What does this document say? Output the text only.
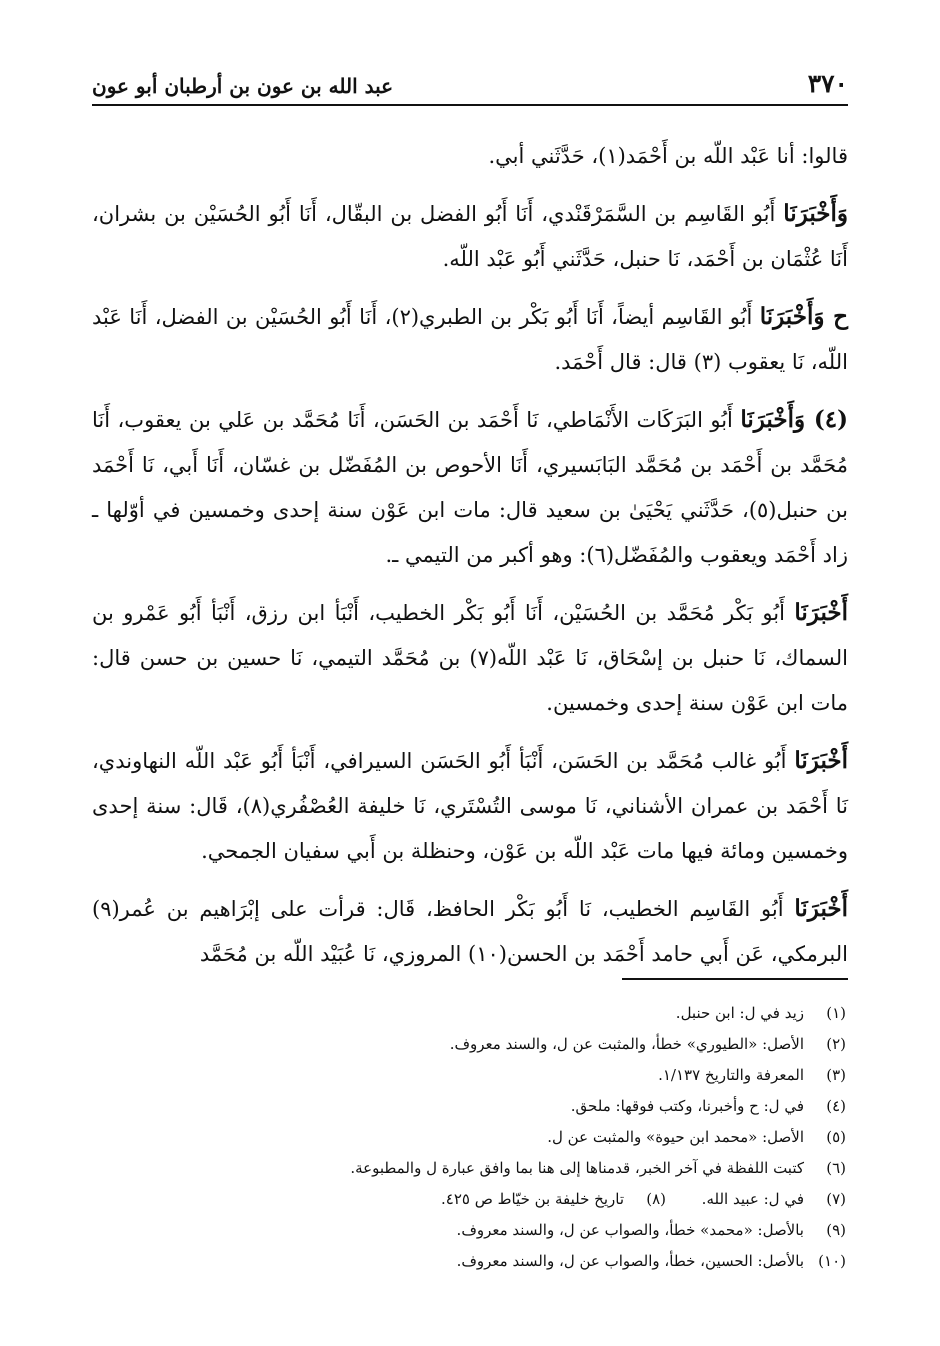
٣٧٠
عبد الله بن عون بن أرطبان أبو عون

قالوا: أنا عَبْد اللّه بن أَحْمَد(١)، حَدَّثَني أبي.

وَأَخْبَرَنَا أَبُو القَاسِم بن السَّمَرْقَنْدي، أَنَا أَبُو الفضل بن البقّال، أَنَا أَبُو الحُسَيْن بن بشران، أَنَا عُثْمَان بن أَحْمَد، نَا حنبل، حَدَّثَني أَبُو عَبْد اللّه.

ح وَأَخْبَرَنَا أَبُو القَاسِم أيضاً، أَنَا أَبُو بَكْر بن الطبري(٢)، أَنَا أَبُو الحُسَيْن بن الفضل، أَنَا عَبْد اللّه، نَا يعقوب (٣) قال: قال أَحْمَد.

(٤) وَأَخْبَرَنَا أَبُو البَرَكَات الأَنْمَاطي، نَا أَحْمَد بن الحَسَن، أَنَا مُحَمَّد بن عَلي بن يعقوب، أَنَا مُحَمَّد بن أَحْمَد بن مُحَمَّد البَابَسيري، أَنَا الأحوص بن المُفَضّل بن غسّان، أَنَا أَبي، نَا أَحْمَد بن حنبل(٥)، حَدَّثَني يَحْيَىٰ بن سعيد قال: مات ابن عَوْن سنة إحدى وخمسين في أوّلها ـ زاد أَحْمَد ويعقوب والمُفَضّل(٦): وهو أكبر من التيمي ـ.

أَخْبَرَنَا أَبُو بَكْر مُحَمَّد بن الحُسَيْن، أَنَا أَبُو بَكْر الخطيب، أَنْبَأ ابن رزق، أَنْبَأ أَبُو عَمْرو بن السماك، نَا حنبل بن إسْحَاق، نَا عَبْد اللّه(٧) بن مُحَمَّد التيمي، نَا حسين بن حسن قال: مات ابن عَوْن سنة إحدى وخمسين.

أَخْبَرَنَا أَبُو غالب مُحَمَّد بن الحَسَن، أَنْبَأ أَبُو الحَسَن السيرافي، أَنْبَأ أَبُو عَبْد اللّه النهاوندي، نَا أَحْمَد بن عمران الأشناني، نَا موسى التُسْتَري، نَا خليفة العُصْفُري(٨)، قَال: سنة إحدى وخمسين ومائة فيها مات عَبْد اللّه بن عَوْن، وحنظلة بن أَبي سفيان الجمحي.

أَخْبَرَنَا أَبُو القَاسِم الخطيب، نَا أَبُو بَكْر الحافظ، قَال: قرأت على إبْرَاهيم بن عُمر(٩) البرمكي، عَن أَبي حامد أَحْمَد بن الحسن(١٠) المروزي، نَا عُبَيْد اللّه بن مُحَمَّد

(١)
زيد في ل: ابن حنبل.
(٢)
الأصل: «الطيوري» خطأ، والمثبت عن ل، والسند معروف.
(٣)
المعرفة والتاريخ ١/١٣٧.
(٤)
في ل: ح وأخبرنا، وكتب فوقها: ملحق.
(٥)
الأصل: «محمد ابن حيوة» والمثبت عن ل.
(٦)
كتبت اللفظة في آخر الخبر، قدمناها إلى هنا بما وافق عبارة ل والمطبوعة.
(٧)
في ل: عبيد الله.
(٨)
تاريخ خليفة بن خيّاط ص ٤٢٥.
(٩)
بالأصل: «محمد» خطأ، والصواب عن ل، والسند معروف.
(١٠)
بالأصل: الحسين، خطأ، والصواب عن ل، والسند معروف.
